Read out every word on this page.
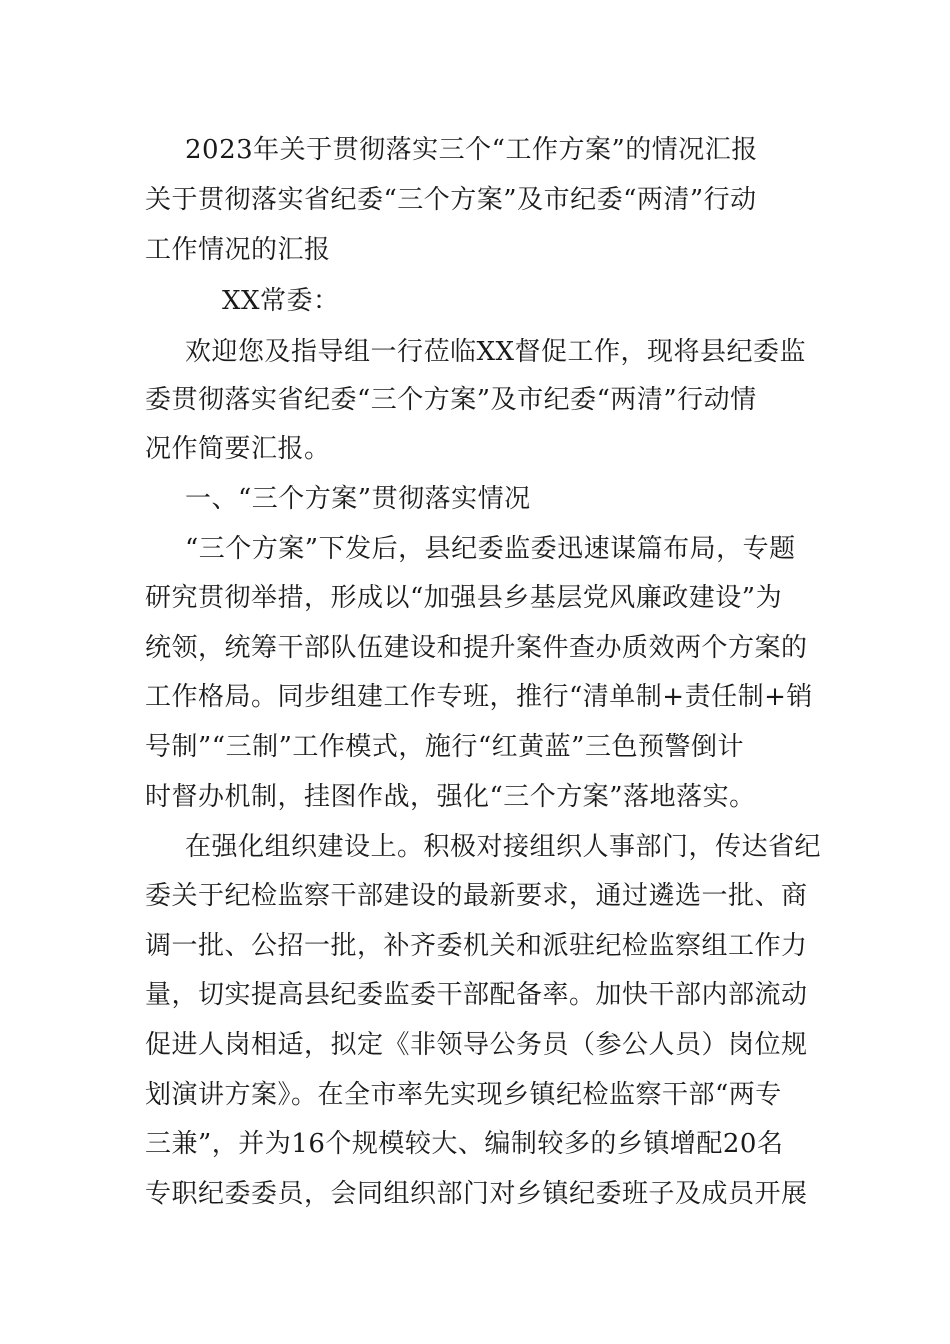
2023年关于贯彻落实三个“工作方案”的情况汇报
关于贯彻落实省纪委“三个方案”及市纪委“两清”行动
工作情况的汇报
XX常委：
欢迎您及指导组一行莅临XX督促工作，现将县纪委监
委贯彻落实省纪委“三个方案”及市纪委“两清”行动情
况作简要汇报。
一、“三个方案”贯彻落实情况
“三个方案”下发后，县纪委监委迅速谋篇布局，专题
研究贯彻举措，形成以“加强县乡基层党风廉政建设”为
统领，统筹干部队伍建设和提升案件查办质效两个方案的
工作格局。同步组建工作专班，推行“清单制+责任制+销
号制”“三制”工作模式，施行“红黄蓝”三色预警倒计
时督办机制，挂图作战，强化“三个方案”落地落实。
在强化组织建设上。积极对接组织人事部门，传达省纪
委关于纪检监察干部建设的最新要求，通过遴选一批、商
调一批、公招一批，补齐委机关和派驻纪检监察组工作力
量，切实提高县纪委监委干部配备率。加快干部内部流动
促进人岗相适，拟定《非领导公务员（参公人员）岗位规
划演讲方案》。在全市率先实现乡镇纪检监察干部“两专
三兼”，并为16个规模较大、编制较多的乡镇增配20名
专职纪委委员，会同组织部门对乡镇纪委班子及成员开展
